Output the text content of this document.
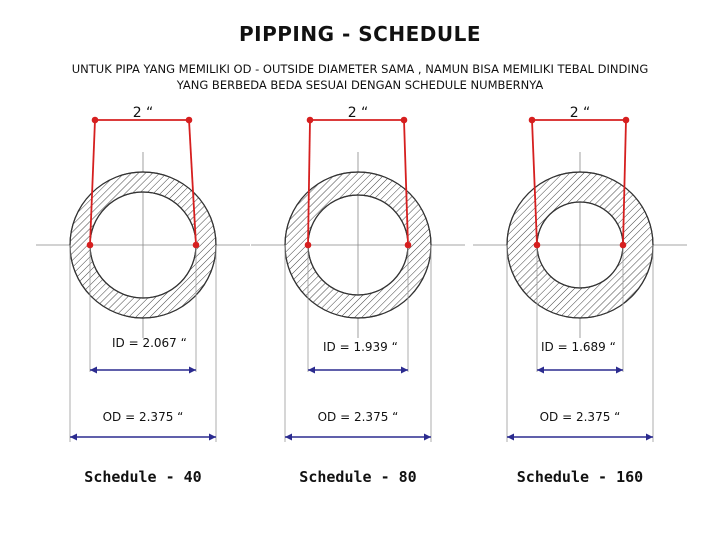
PIPPING - SCHEDULE
UNTUK PIPA YANG MEMILIKI OD - OUTSIDE DIAMETER SAMA , NAMUN BISA MEMILIKI TEBAL DINDING YANG BERBEDA BEDA SESUAI DENGAN SCHEDULE NUMBERNYA
2 “
ID = 2.067 “
OD = 2.375 “
Schedule - 40
2 “
ID = 1.939 “
OD = 2.375 “
Schedule - 80
2 “
ID = 1.689 “
OD = 2.375 “
Schedule - 160
